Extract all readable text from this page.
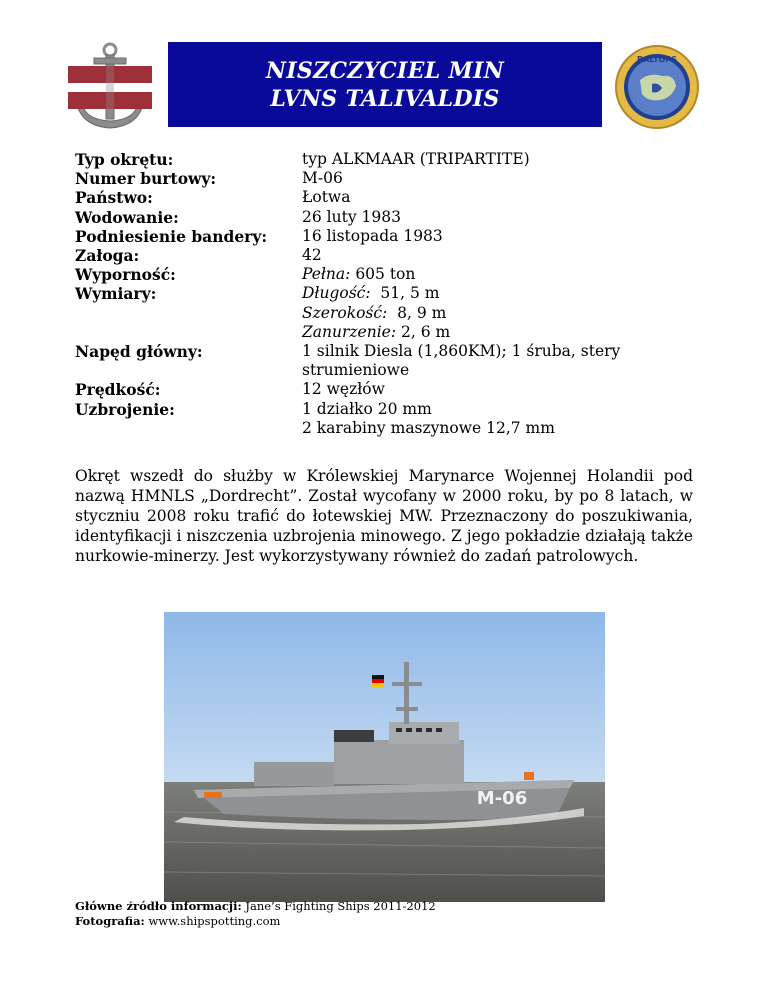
NISZCZYCIEL MIN
LVNS TALIVALDIS
BALTOPS
Typ okrętu:	typ ALKMAAR (TRIPARTITE)
Numer burtowy:	M-06
Państwo:	Łotwa
Wodowanie:	26 luty 1983
Podniesienie bandery:	16 listopada 1983
Załoga:	42
Wyporność:	Pełna: 605 ton
Wymiary:	Długość:  51, 5 m
Szerokość:  8, 9 m
Zanurzenie: 2, 6 m
Napęd główny:	1 silnik Diesla (1,860KM); 1 śruba, stery strumieniowe
Prędkość:	12 węzłów
Uzbrojenie:	1 działko 20 mm
2 karabiny maszynowe 12,7 mm
Okręt wszedł do służby w Królewskiej Marynarce Wojennej Holandii pod nazwą HMNLS „Dordrecht”. Został wycofany w 2000 roku, by po 8 latach, w styczniu 2008 roku trafić do łotewskiej MW. Przeznaczony do poszukiwania, identyfikacji i niszczenia uzbrojenia minowego. Z jego pokładzie działają także nurkowie-minerzy. Jest wykorzystywany również do zadań patrolowych.
M-06
Główne źródło informacji: Jane’s Fighting Ships 2011-2012
Fotografia: www.shipspotting.com
